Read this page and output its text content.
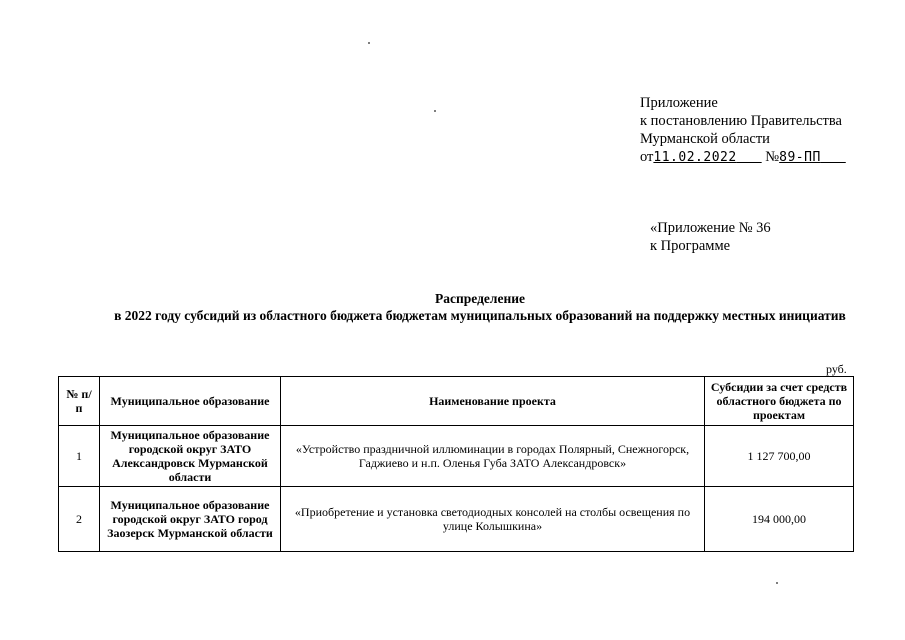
Приложение
к постановлению Правительства
Мурманской области
от11.02.2022 №89-ПП
«Приложение № 36
к Программе
Распределение
в 2022 году субсидий из областного бюджета бюджетам муниципальных образований на поддержку местных инициатив
руб.
№ п/п	Муниципальное образование	Наименование проекта	Субсидии за счет средств областного бюджета по проектам
1	Муниципальное образование городской округ ЗАТО Александровск Мурманской области	«Устройство праздничной иллюминации в городах Полярный, Снежногорск, Гаджиево и н.п. Оленья Губа ЗАТО Александровск»	1 127 700,00
2	Муниципальное образование городской округ ЗАТО город Заозерск Мурманской области	«Приобретение и установка светодиодных консолей на столбы освещения по улице Колышкина»	194 000,00
